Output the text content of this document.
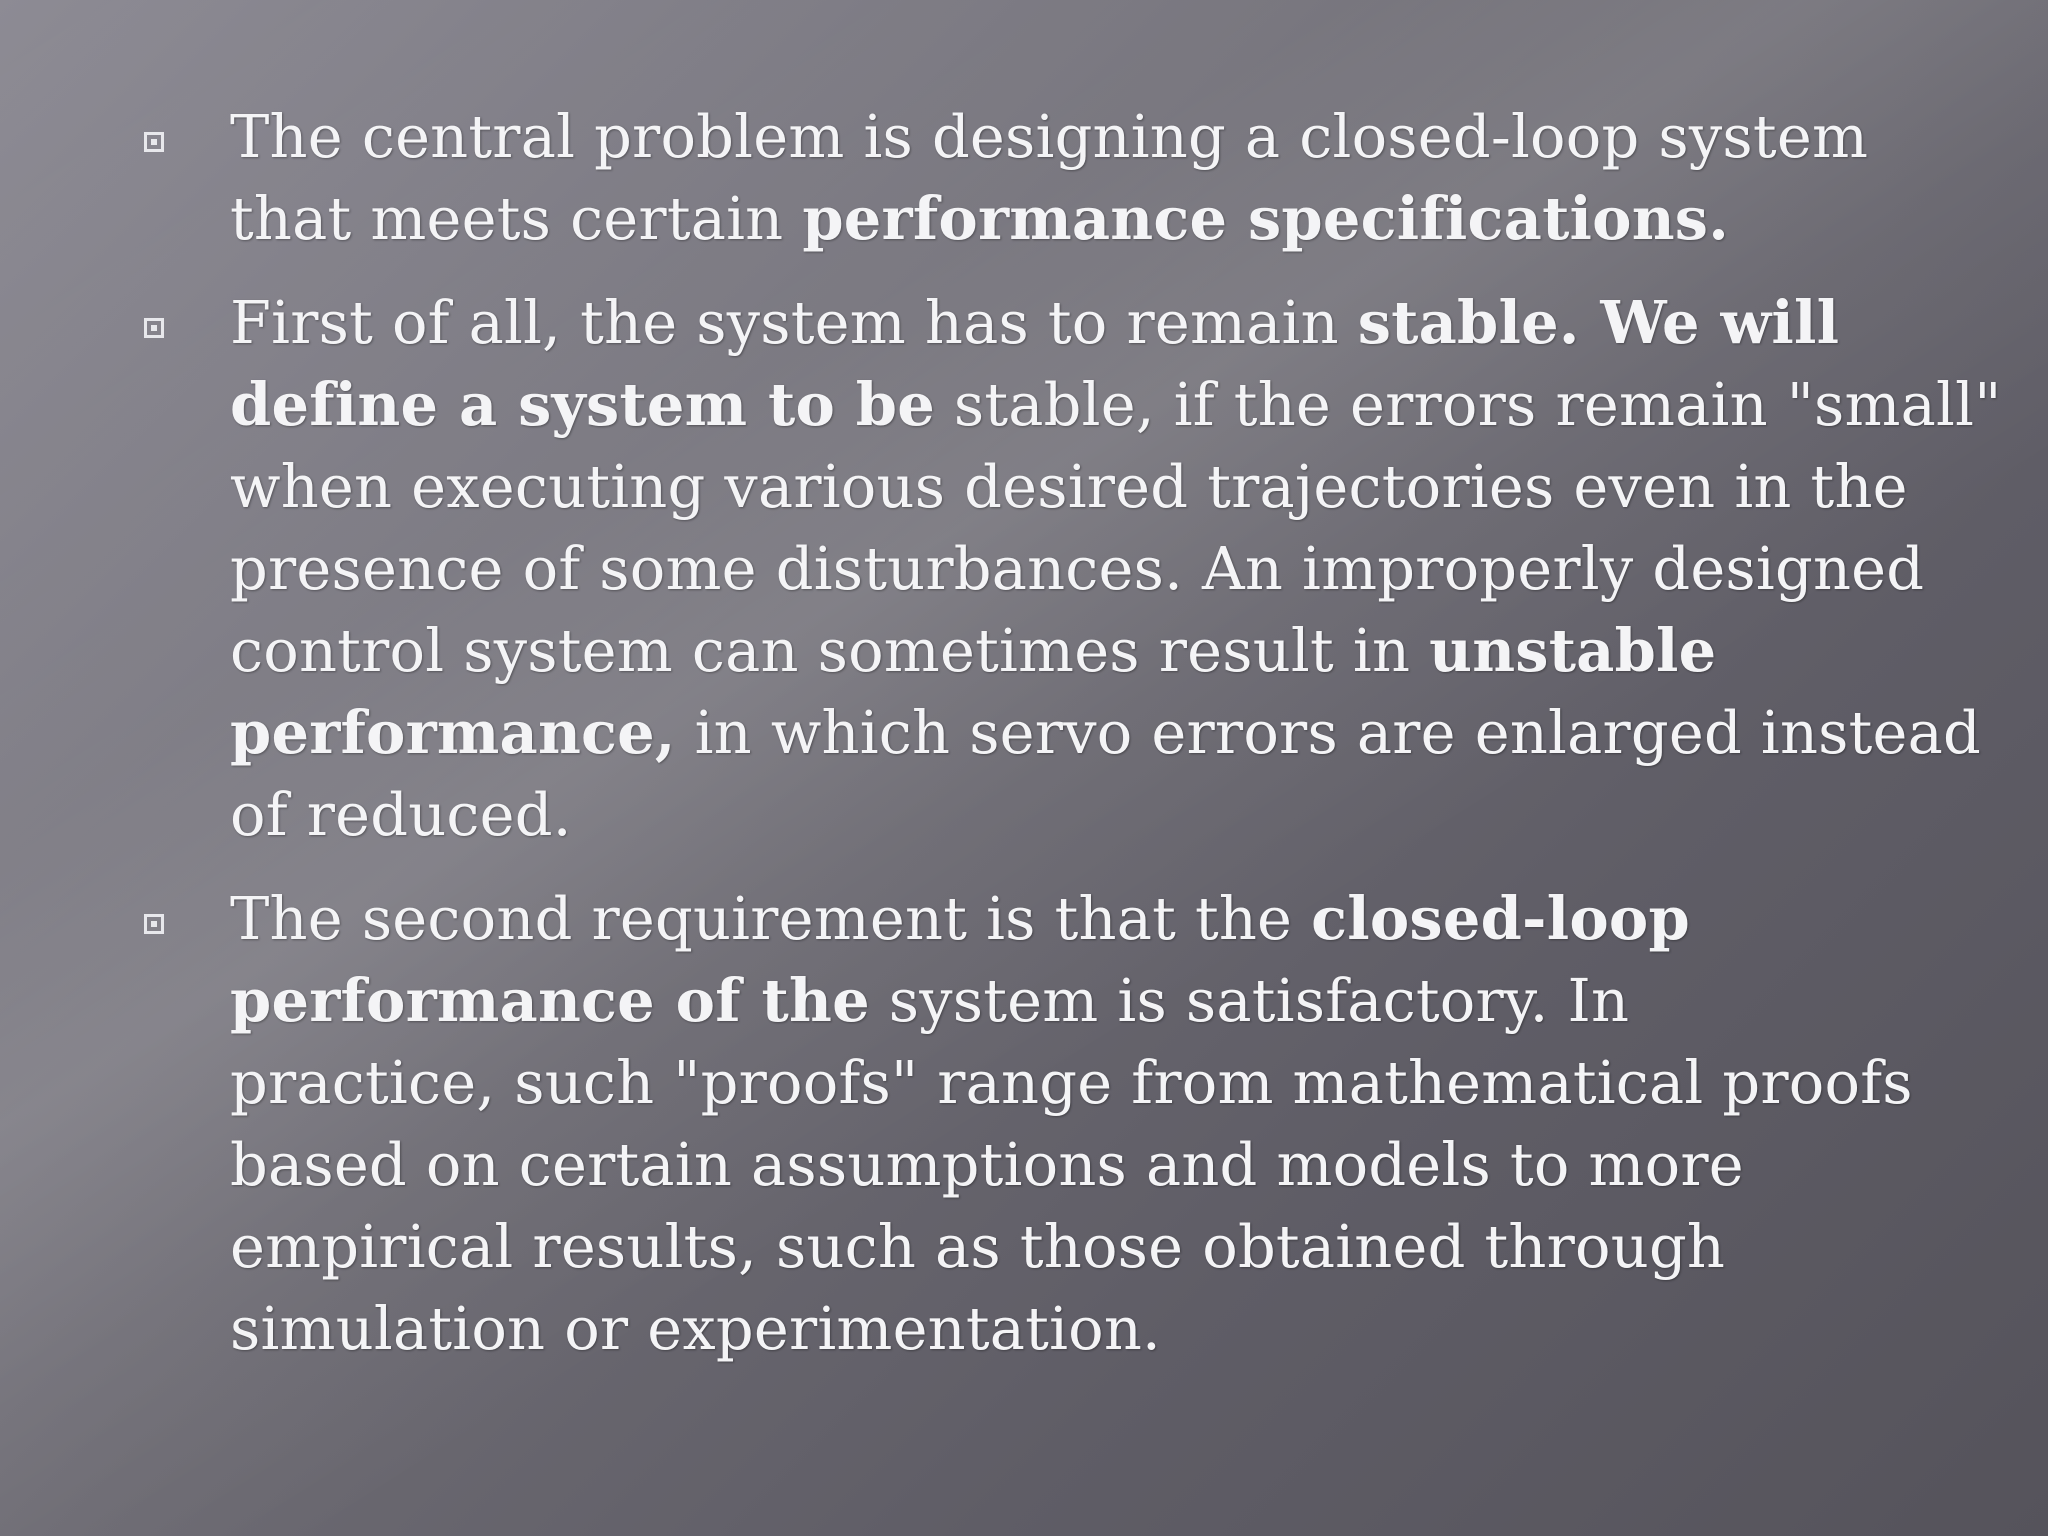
The central problem is designing a closed-loop system
that meets certain performance specifications.
First of all, the system has to remain stable. We will
define a system to be stable, if the errors remain "small"
when executing various desired trajectories even in the
presence of some disturbances. An improperly designed
control system can sometimes result in unstable
performance, in which servo errors are enlarged instead
of reduced.
The second requirement is that the closed-loop
performance of the system is satisfactory. In
practice, such "proofs" range from mathematical proofs
based on certain assumptions and models to more
empirical results, such as those obtained through
simulation or experimentation.
